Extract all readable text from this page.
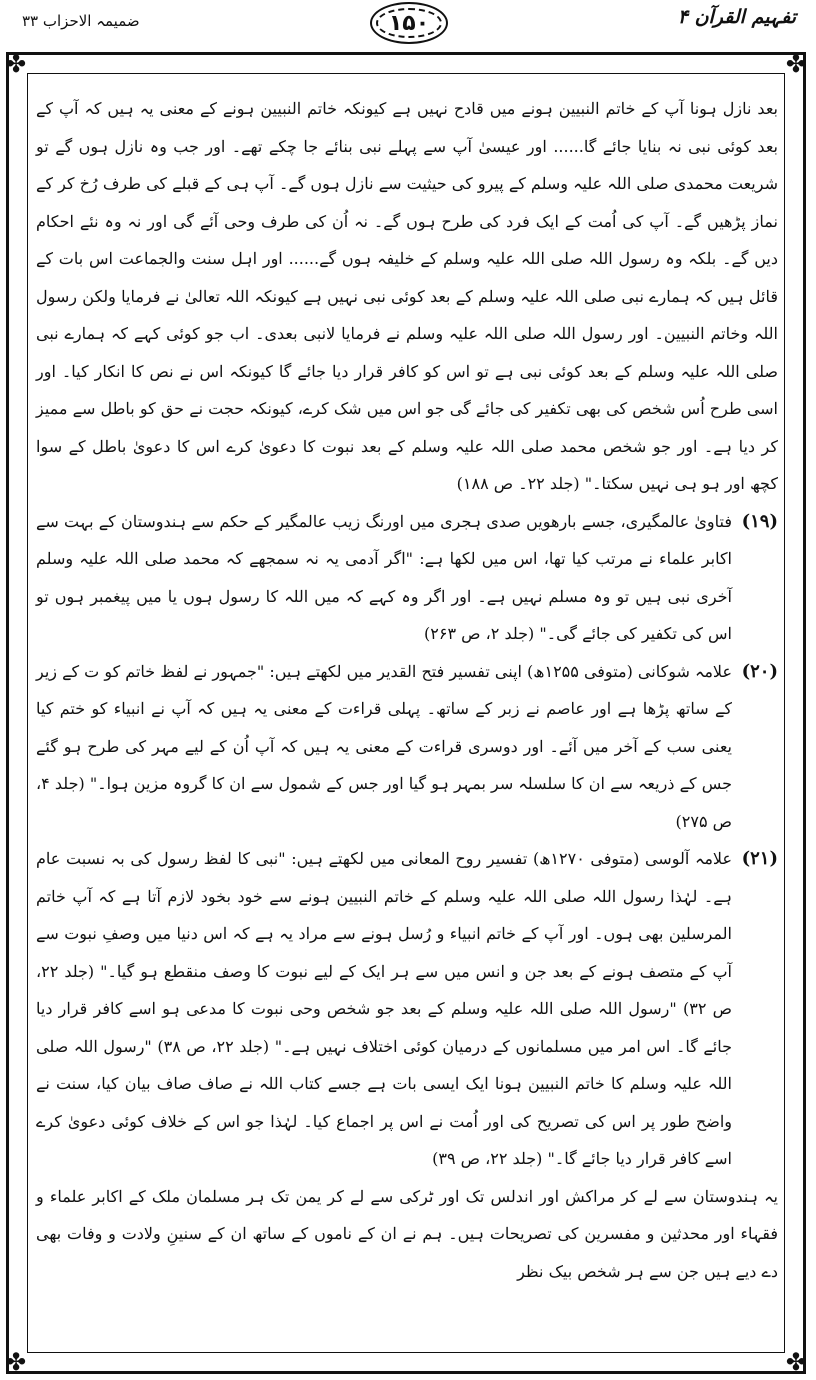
تفہیم القرآن ۴
۱۵۰
ضمیمہ الاحزاب ۳۳
✤	✤
✤	✤

بعد نازل ہونا آپ کے خاتم النبیین ہونے میں قادح نہیں ہے کیونکہ خاتم النبیین ہونے کے معنی یہ ہیں کہ آپ کے بعد کوئی نبی نہ بنایا جائے گا...... اور عیسیٰ آپ سے پہلے نبی بنائے جا چکے تھے۔ اور جب وہ نازل ہوں گے تو شریعت محمدی صلی اللہ علیہ وسلم کے پیرو کی حیثیت سے نازل ہوں گے۔ آپ ہی کے قبلے کی طرف رُخ کر کے نماز پڑھیں گے۔ آپ کی اُمت کے ایک فرد کی طرح ہوں گے۔ نہ اُن کی طرف وحی آئے گی اور نہ وہ نئے احکام دیں گے۔ بلکہ وہ رسول اللہ صلی اللہ علیہ وسلم کے خلیفہ ہوں گے...... اور اہل سنت والجماعت اس بات کے قائل ہیں کہ ہمارے نبی صلی اللہ علیہ وسلم کے بعد کوئی نبی نہیں ہے کیونکہ اللہ تعالیٰ نے فرمایا ولکن رسول اللہ وخاتم النبیین۔ اور رسول اللہ صلی اللہ علیہ وسلم نے فرمایا لانبی بعدی۔ اب جو کوئی کہے کہ ہمارے نبی صلی اللہ علیہ وسلم کے بعد کوئی نبی ہے تو اس کو کافر قرار دیا جائے گا کیونکہ اس نے نص کا انکار کیا۔ اور اسی طرح اُس شخص کی بھی تکفیر کی جائے گی جو اس میں شک کرے، کیونکہ حجت نے حق کو باطل سے ممیز کر دیا ہے۔ اور جو شخص محمد صلی اللہ علیہ وسلم کے بعد نبوت کا دعویٰ کرے اس کا دعویٰ باطل کے سوا کچھ اور ہو ہی نہیں سکتا۔" (جلد ۲۲۔ ص ۱۸۸)

(۱۹)
فتاویٰ عالمگیری، جسے بارھویں صدی ہجری میں اورنگ زیب عالمگیر کے حکم سے ہندوستان کے بہت سے اکابر علماء نے مرتب کیا تھا، اس میں لکھا ہے: "اگر آدمی یہ نہ سمجھے کہ محمد صلی اللہ علیہ وسلم آخری نبی ہیں تو وہ مسلم نہیں ہے۔ اور اگر وہ کہے کہ میں اللہ کا رسول ہوں یا میں پیغمبر ہوں تو اس کی تکفیر کی جائے گی۔" (جلد ۲، ص ۲۶۳)
(۲۰)
علامہ شوکانی (متوفی ۱۲۵۵ھ) اپنی تفسیر فتح القدیر میں لکھتے ہیں: "جمہور نے لفظ خاتم کو ت کے زیر کے ساتھ پڑھا ہے اور عاصم نے زبر کے ساتھ۔ پہلی قراءت کے معنی یہ ہیں کہ آپ نے انبیاء کو ختم کیا یعنی سب کے آخر میں آئے۔ اور دوسری قراءت کے معنی یہ ہیں کہ آپ اُن کے لیے مہر کی طرح ہو گئے جس کے ذریعہ سے ان کا سلسلہ سر بمہر ہو گیا اور جس کے شمول سے ان کا گروہ مزین ہوا۔" (جلد ۴، ص ۲۷۵)
(۲۱)
علامہ آلوسی (متوفی ۱۲۷۰ھ) تفسیر روح المعانی میں لکھتے ہیں: "نبی کا لفظ رسول کی بہ نسبت عام ہے۔ لہٰذا رسول اللہ صلی اللہ علیہ وسلم کے خاتم النبیین ہونے سے خود بخود لازم آتا ہے کہ آپ خاتم المرسلین بھی ہوں۔ اور آپ کے خاتم انبیاء و رُسل ہونے سے مراد یہ ہے کہ اس دنیا میں وصفِ نبوت سے آپ کے متصف ہونے کے بعد جن و انس میں سے ہر ایک کے لیے نبوت کا وصف منقطع ہو گیا۔" (جلد ۲۲، ص ۳۲) "رسول اللہ صلی اللہ علیہ وسلم کے بعد جو شخص وحی نبوت کا مدعی ہو اسے کافر قرار دیا جائے گا۔ اس امر میں مسلمانوں کے درمیان کوئی اختلاف نہیں ہے۔" (جلد ۲۲، ص ۳۸) "رسول اللہ صلی اللہ علیہ وسلم کا خاتم النبیین ہونا ایک ایسی بات ہے جسے کتاب اللہ نے صاف صاف بیان کیا، سنت نے واضح طور پر اس کی تصریح کی اور اُمت نے اس پر اجماع کیا۔ لہٰذا جو اس کے خلاف کوئی دعویٰ کرے اسے کافر قرار دیا جائے گا۔" (جلد ۲۲، ص ۳۹)

یہ ہندوستان سے لے کر مراکش اور اندلس تک اور ٹرکی سے لے کر یمن تک ہر مسلمان ملک کے اکابر علماء و فقہاء اور محدثین و مفسرین کی تصریحات ہیں۔ ہم نے ان کے ناموں کے ساتھ ان کے سنینِ ولادت و وفات بھی دے دیے ہیں جن سے ہر شخص بیک نظر
